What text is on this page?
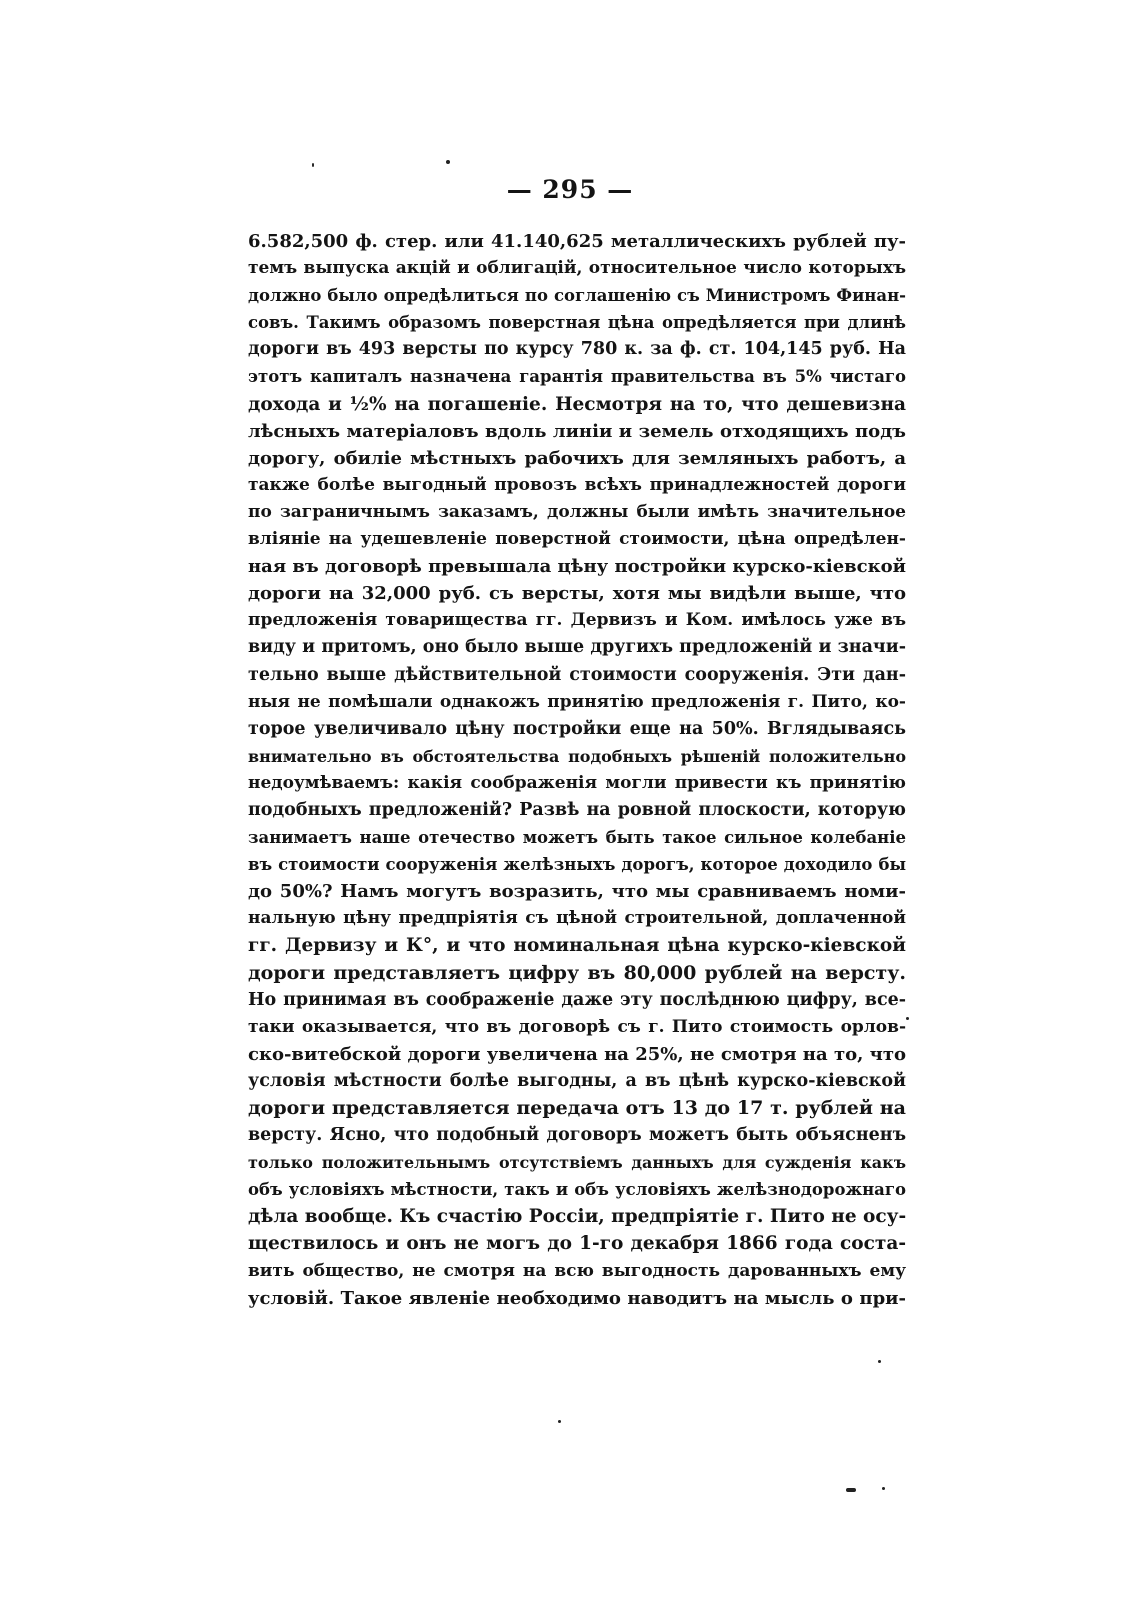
— 295 —
6.582,500 ф. стер. или 41.140,625 металлическихъ рублей пу-
темъ выпуска акцій и облигацій, относительное число которыхъ
должно было опредѣлиться по соглашенію съ Министромъ Финан-
совъ. Такимъ образомъ поверстная цѣна опредѣляется при длинѣ
дороги въ 493 версты по курсу 780 к. за ф. ст. 104,145 руб. На
этотъ капиталъ назначена гарантія правительства въ 5% чистаго
дохода и ½% на погашеніе. Несмотря на то, что дешевизна
лѣсныхъ матеріаловъ вдоль линіи и земель отходящихъ подъ
дорогу, обиліе мѣстныхъ рабочихъ для земляныхъ работъ, а
также болѣе выгодный провозъ всѣхъ принадлежностей дороги
по заграничнымъ заказамъ, должны были имѣть значительное
вліяніе на удешевленіе поверстной стоимости, цѣна опредѣлен-
ная въ договорѣ превышала цѣну постройки курско-кіевской
дороги на 32,000 руб. съ версты, хотя мы видѣли выше, что
предложенія товарищества гг. Дервизъ и Ком. имѣлось уже въ
виду и притомъ, оно было выше другихъ предложеній и значи-
тельно выше дѣйствительной стоимости сооруженія. Эти дан-
ныя не помѣшали однакожъ принятію предложенія г. Пито, ко-
торое увеличивало цѣну постройки еще на 50%. Вглядываясь
внимательно въ обстоятельства подобныхъ рѣшеній положительно
недоумѣваемъ: какія соображенія могли привести къ принятію
подобныхъ предложеній? Развѣ на ровной плоскости, которую
занимаетъ наше отечество можетъ быть такое сильное колебаніе
въ стоимости сооруженія желѣзныхъ дорогъ, которое доходило бы
до 50%? Намъ могутъ возразить, что мы сравниваемъ номи-
нальную цѣну предпріятія съ цѣной строительной, доплаченной
гг. Дервизу и К°, и что номинальная цѣна курско-кіевской
дороги представляетъ цифру въ 80,000 рублей на версту.
Но принимая въ соображеніе даже эту послѣднюю цифру, все-
таки оказывается, что въ договорѣ съ г. Пито стоимость орлов-
ско-витебской дороги увеличена на 25%, не смотря на то, что
условія мѣстности болѣе выгодны, а въ цѣнѣ курско-кіевской
дороги представляется передача отъ 13 до 17 т. рублей на
версту. Ясно, что подобный договоръ можетъ быть объясненъ
только положительнымъ отсутствіемъ данныхъ для сужденія какъ
объ условіяхъ мѣстности, такъ и объ условіяхъ желѣзнодорожнаго
дѣла вообще. Къ счастію Россіи, предпріятіе г. Пито не осу-
ществилось и онъ не могъ до 1-го декабря 1866 года соста-
вить общество, не смотря на всю выгодность дарованныхъ ему
условій. Такое явленіе необходимо наводитъ на мысль о при-
